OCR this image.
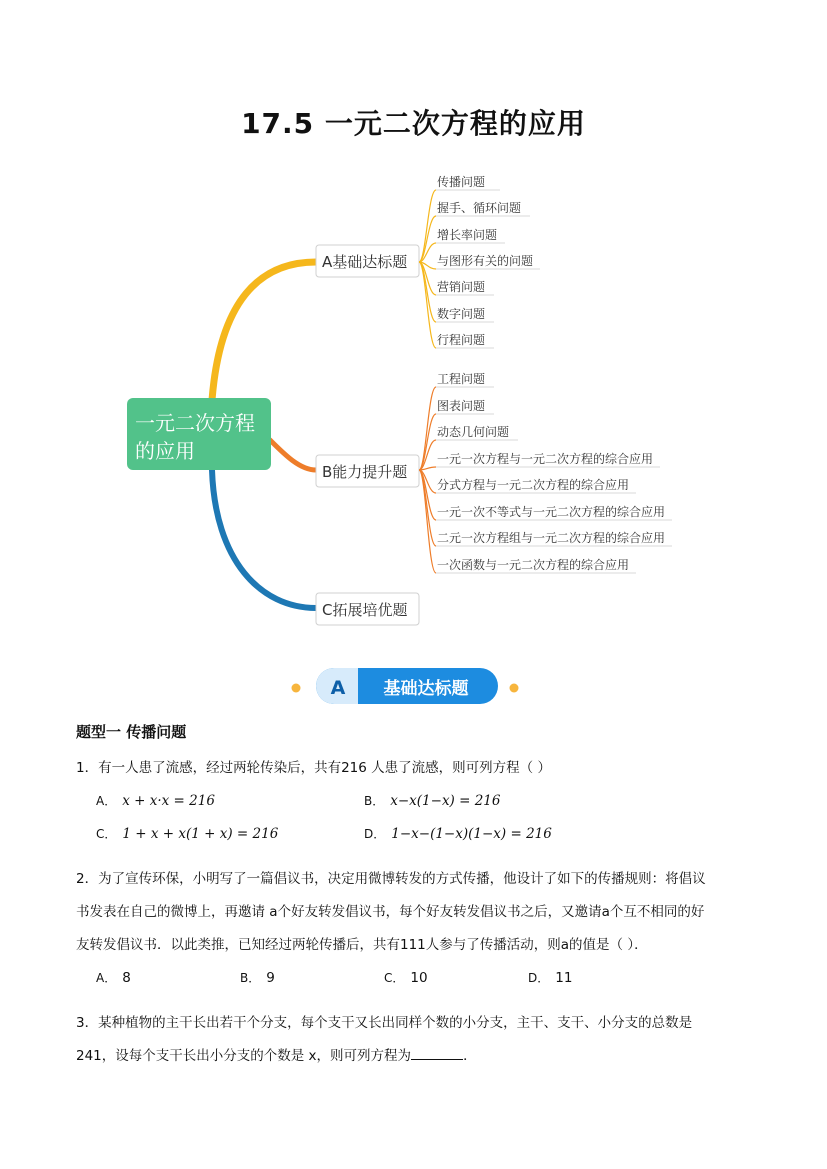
17.5 一元二次方程的应用
一元二次方程
的应用
A基础达标题
B能力提升题
C拓展培优题
传播问题
握手、循环问题
增长率问题
与图形有关的问题
营销问题
数字问题
行程问题
工程问题
图表问题
动态几何问题
一元一次方程与一元二次方程的综合应用
分式方程与一元二次方程的综合应用
一元一次不等式与一元二次方程的综合应用
二元一次方程组与一元二次方程的综合应用
一次函数与一元二次方程的综合应用
A 基础达标题
题型一 传播问题

1．有一人患了流感，经过两轮传染后，共有216 人患了流感，则可列方程（ ）

A． x + x·x = 216	B． x−x(1−x) = 216
C． 1 + x + x(1 + x) = 216	D． 1−x−(1−x)(1−x) = 216

2．为了宣传环保，小明写了一篇倡议书，决定用微博转发的方式传播，他设计了如下的传播规则：将倡议

书发表在自己的微博上，再邀请 a个好友转发倡议书，每个好友转发倡议书之后，又邀请a个互不相同的好

友转发倡议书．以此类推，已知经过两轮传播后，共有111人参与了传播活动，则a的值是（ ）．

A． 8	B． 9	C． 10	D． 11

3．某种植物的主干长出若干个分支，每个支干又长出同样个数的小分支，主干、支干、小分支的总数是

241，设每个支干长出小分支的个数是 x，则可列方程为	．
